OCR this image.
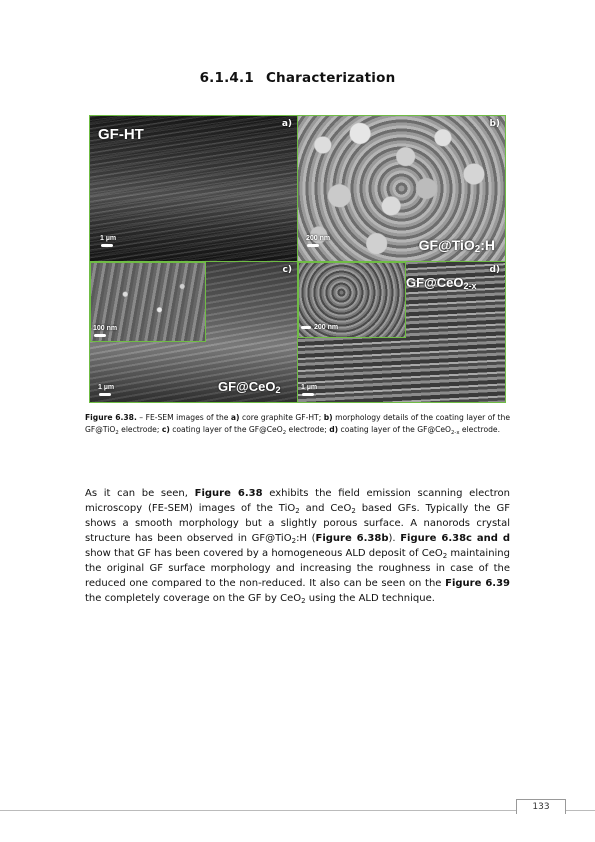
6.1.4.1 Characterization
a)
GF-HT
1 µm
b)
GF@TiO$_2$:H
200 nm
100 nm
c)
GF@CeO$_2$
1 µm
200 nm
d)
GF@CeO$_{2-x}$
1 µm
Figure 6.38. – FE-SEM images of the a) core graphite GF-HT; b) morphology details of the coating layer of the GF@TiO$_2$ electrode; c) coating layer of the GF@CeO$_2$ electrode; d) coating layer of the GF@CeO$_{2-x}$ electrode.
As it can be seen, Figure 6.38 exhibits the field emission scanning electron microscopy (FE-SEM) images of the TiO$_2$ and CeO$_2$ based GFs. Typically the GF shows a smooth morphology but a slightly porous surface. A nanorods crystal structure has been observed in GF@TiO$_2$:H (Figure 6.38b). Figure 6.38c and d show that GF has been covered by a homogeneous ALD deposit of CeO$_2$ maintaining the original GF surface morphology and increasing the roughness in case of the reduced one compared to the non-reduced. It also can be seen on the Figure 6.39 the completely coverage on the GF by CeO$_2$ using the ALD technique.
133
